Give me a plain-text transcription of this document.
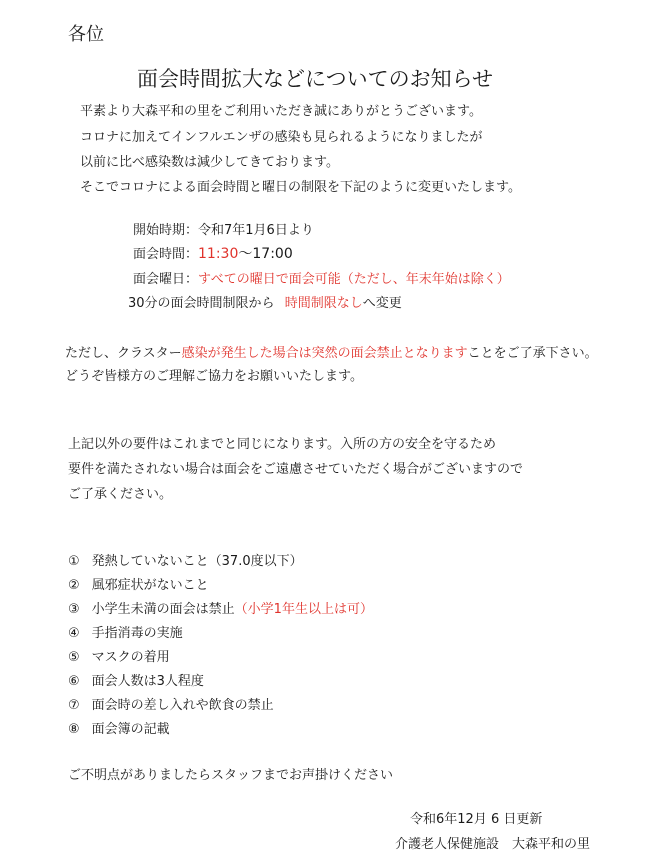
各位
面会時間拡大などについてのお知らせ
平素より大森平和の里をご利用いただき誠にありがとうございます。
コロナに加えてインフルエンザの感染も見られるようになりましたが
以前に比べ感染数は減少してきております。
そこでコロナによる面会時間と曜日の制限を下記のように変更いたします。
開始時期：令和7年1月6日より
面会時間：11:30〜17:00
面会曜日：すべての曜日で面会可能（ただし、年末年始は除く）
30分の面会時間制限から 時間制限なしへ変更
ただし、クラスター感染が発生した場合は突然の面会禁止となりますことをご了承下さい。
どうぞ皆様方のご理解ご協力をお願いいたします。
上記以外の要件はこれまでと同じになります。入所の方の安全を守るため
要件を満たされない場合は面会をご遠慮させていただく場合がございますので
ご了承ください。
① 発熱していないこと（37.0度以下）
② 風邪症状がないこと
③ 小学生未満の面会は禁止（小学1年生以上は可）
④ 手指消毒の実施
⑤ マスクの着用
⑥ 面会人数は3人程度
⑦ 面会時の差し入れや飲食の禁止
⑧ 面会簿の記載
ご不明点がありましたらスタッフまでお声掛けください
令和6年12月 6 日更新
介護老人保健施設　大森平和の里
